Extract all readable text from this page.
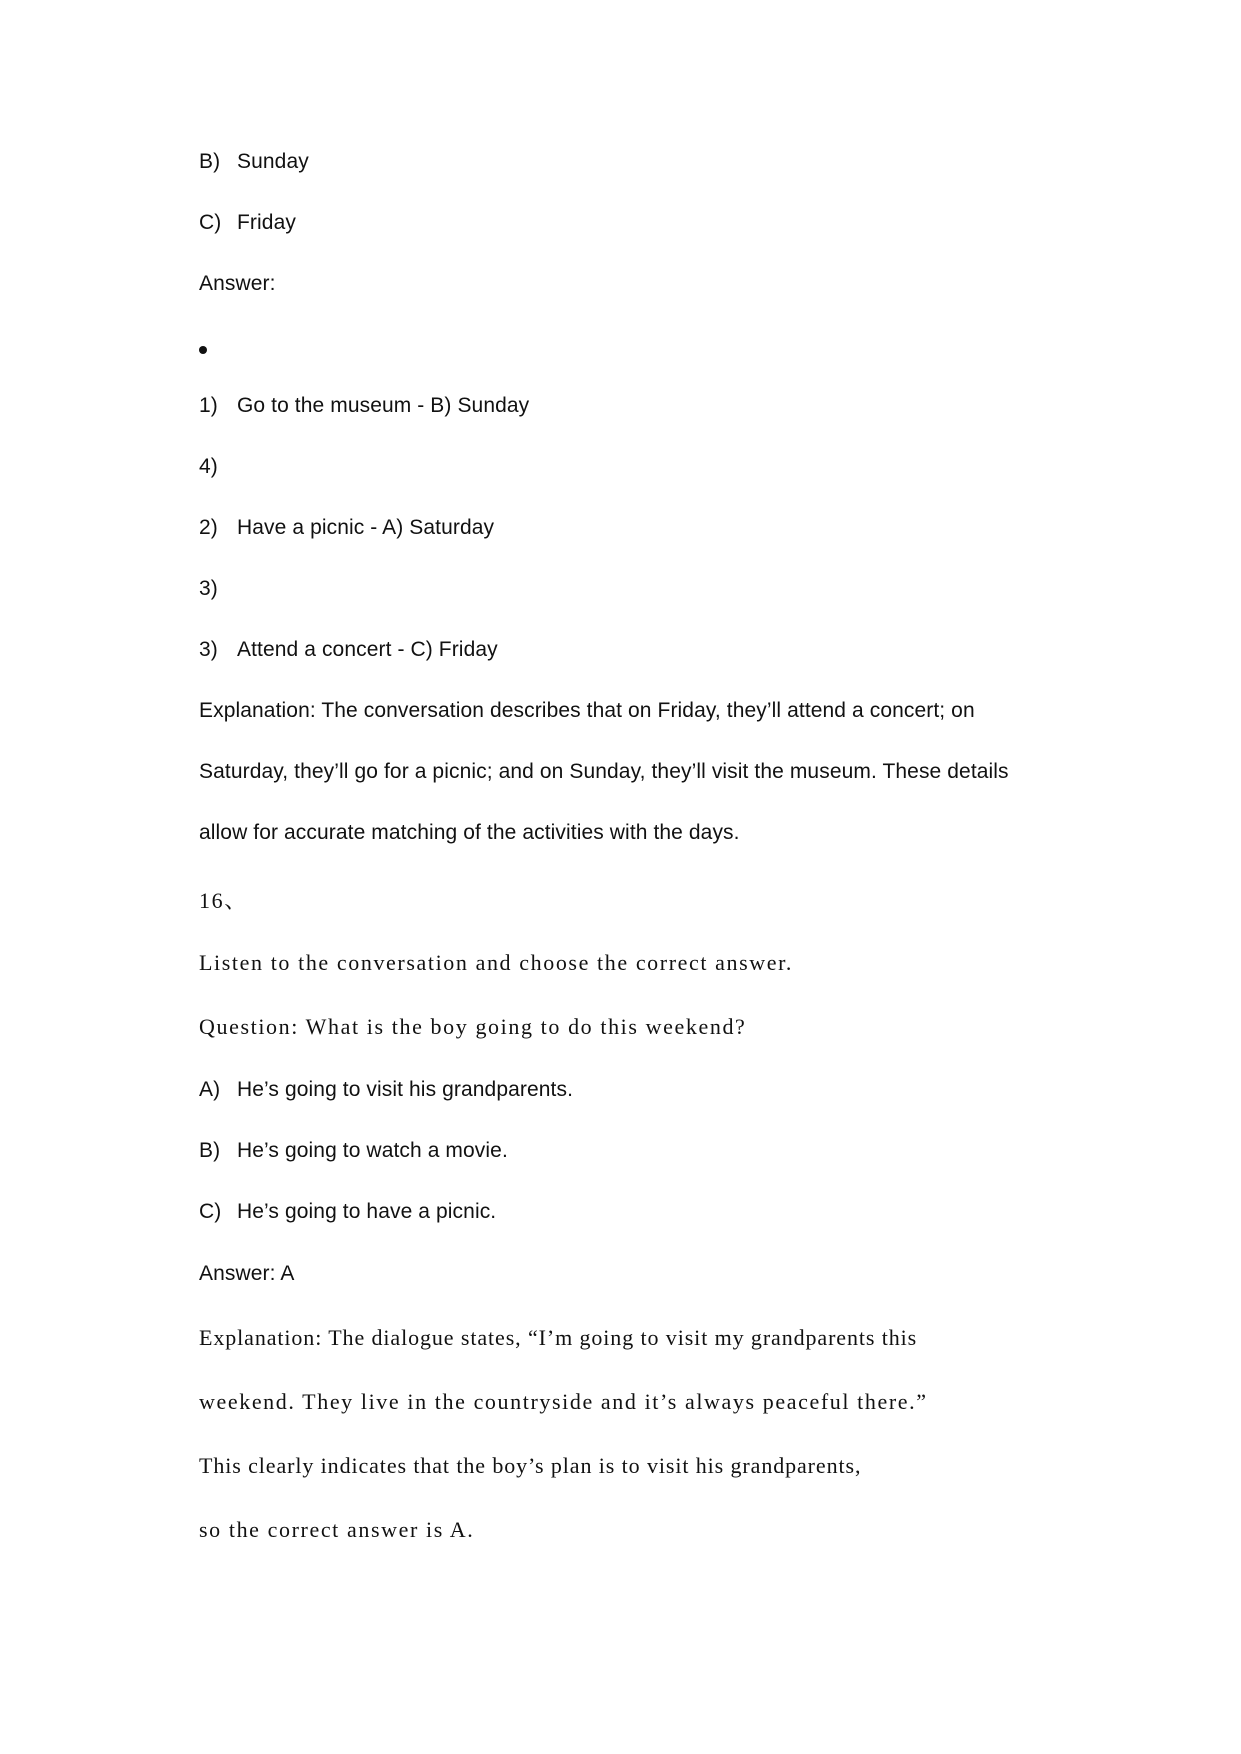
B) Sunday
C) Friday
Answer:
1) Go to the museum - B) Sunday
4)
2) Have a picnic - A) Saturday
3)
3) Attend a concert - C) Friday
Explanation: The conversation describes that on Friday, they’ll attend a concert; on
Saturday, they’ll go for a picnic; and on Sunday, they’ll visit the museum. These details
allow for accurate matching of the activities with the days.
16、
Listen to the conversation and choose the correct answer.
Question: What is the boy going to do this weekend?
A) He’s going to visit his grandparents.
B) He’s going to watch a movie.
C) He’s going to have a picnic.
Answer: A
Explanation: The dialogue states, “I’m going to visit my grandparents this
weekend. They live in the countryside and it’s always peaceful there.”
This clearly indicates that the boy’s plan is to visit his grandparents,
so the correct answer is A.
